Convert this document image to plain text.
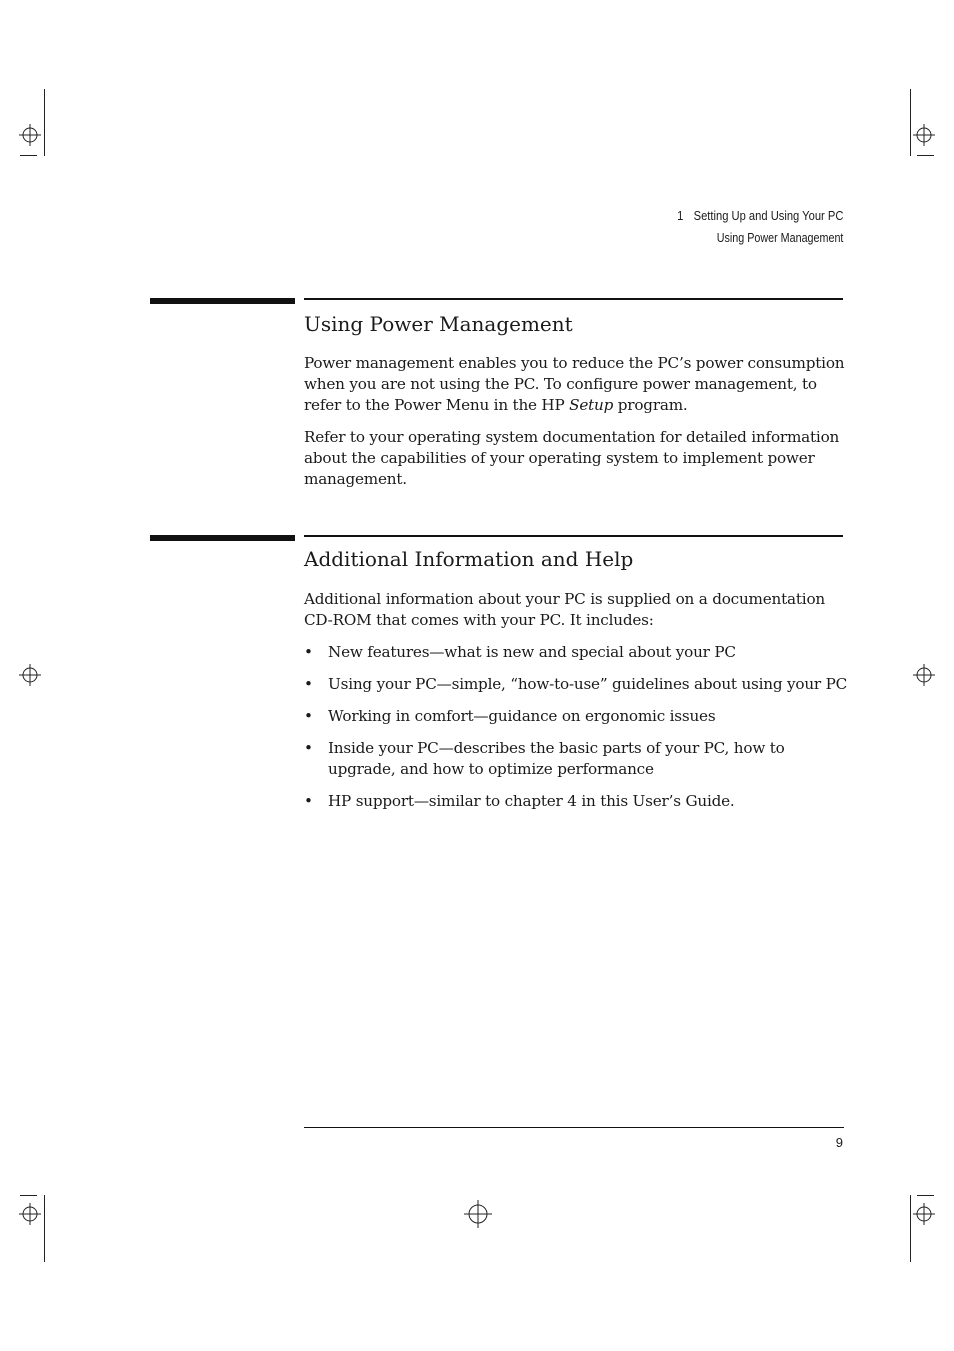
1 Setting Up and Using Your PC
Using Power Management
Using Power Management

Power management enables you to reduce the PC’s power consumption when you are not using the PC. To configure power management, to refer to the Power Menu in the HP Setup program.

Refer to your operating system documentation for detailed information about the capabilities of your operating system to implement power management.

Additional Information and Help

Additional information about your PC is supplied on a documentation CD-ROM that comes with your PC. It includes:

• New features—what is new and special about your PC
• Using your PC—simple, “how-to-use” guidelines about using your PC
• Working in comfort—guidance on ergonomic issues
• Inside your PC—describes the basic parts of your PC, how to upgrade, and how to optimize performance
• HP support—similar to chapter 4 in this User’s Guide.
9
